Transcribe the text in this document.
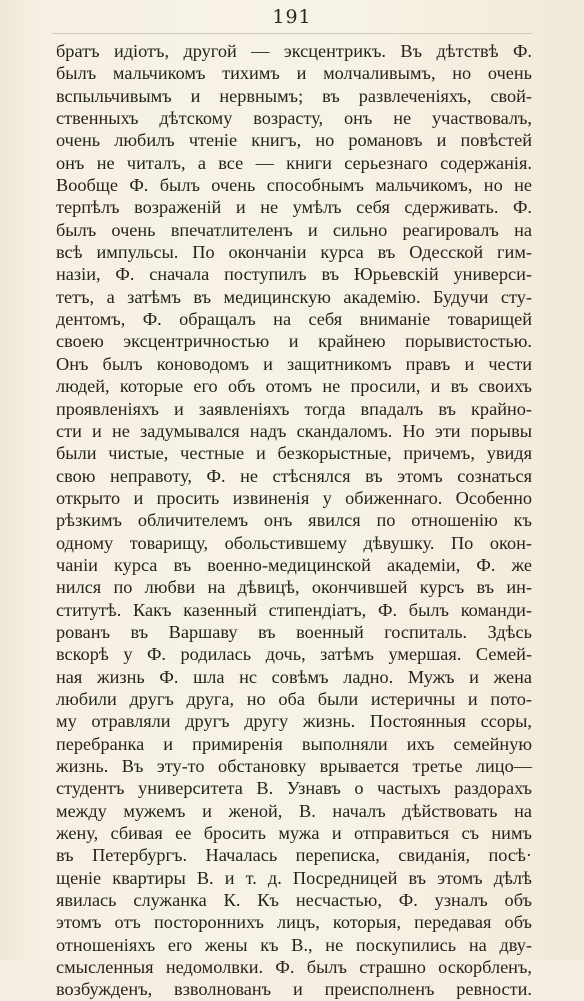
191
братъ идіотъ, другой — эксцентрикъ. Въ дѣтствѣ Ф.
былъ мальчикомъ тихимъ и молчаливымъ, но очень
вспыльчивымъ и нервнымъ; въ развлеченіяхъ, свой-
ственныхъ дѣтскому возрасту, онъ не участвовалъ,
очень любилъ чтеніе книгъ, но романовъ и повѣстей
онъ не читалъ, а все — книги серьезнаго содержанія.
Вообще Ф. былъ очень способнымъ мальчикомъ, но не
терпѣлъ возраженій и не умѣлъ себя сдерживать. Ф.
былъ очень впечатлителенъ и сильно реагировалъ на
всѣ импульсы. По окончаніи курса въ Одесской гим-
назіи, Ф. сначала поступилъ въ Юрьевскій универси-
тетъ, а затѣмъ въ медицинскую академію. Будучи сту-
дентомъ, Ф. обращалъ на себя вниманіе товарищей
своею эксцентричностью и крайнею порывистостью.
Онъ былъ коноводомъ и защитникомъ правъ и чести
людей, которые его объ отомъ не просили, и въ своихъ
проявленіяхъ и заявленіяхъ тогда впадалъ въ крайно-
сти и не задумывался надъ скандаломъ. Но эти порывы
были чистые, честные и безкорыстные, причемъ, увидя
свою неправоту, Ф. не стѣснялся въ этомъ сознаться
открыто и просить извиненія у обиженнаго. Особенно
рѣзкимъ обличителемъ онъ явился по отношенію къ
одному товарищу, обольстившему дѣвушку. По окон-
чаніи курса въ военно-медицинской академіи, Ф. же
нился по любви на дѣвицѣ, окончившей курсъ въ ин-
ститутѣ. Какъ казенный стипендіатъ, Ф. былъ команди-
рованъ въ Варшаву въ военный госпиталь. Здѣсь
вскорѣ у Ф. родилась дочь, затѣмъ умершая. Семей-
ная жизнь Ф. шла нс совѣмъ ладно. Мужъ и жена
любили другъ друга, но оба были истеричны и пото-
му отравляли другъ другу жизнь. Постоянныя ссоры,
перебранка и примиренія выполняли ихъ семейную
жизнь. Въ эту-то обстановку врывается третье лицо—
студентъ университета В. Узнавъ о частыхъ раздорахъ
между мужемъ и женой, В. началъ дѣйствовать на
жену, сбивая ее бросить мужа и отправиться съ нимъ
въ Петербургъ. Началась переписка, свиданія, посѣ·
щеніе квартиры В. и т. д. Посредницей въ этомъ дѣлѣ
явилась служанка К. Къ несчастью, Ф. узналъ объ
этомъ отъ постороннихъ лицъ, которыя, передавая объ
отношеніяхъ его жены къ В., не поскупились на дву-
смысленныя недомолвки. Ф. былъ страшно оскорбленъ,
возбужденъ, взволнованъ и преисполненъ ревности.
